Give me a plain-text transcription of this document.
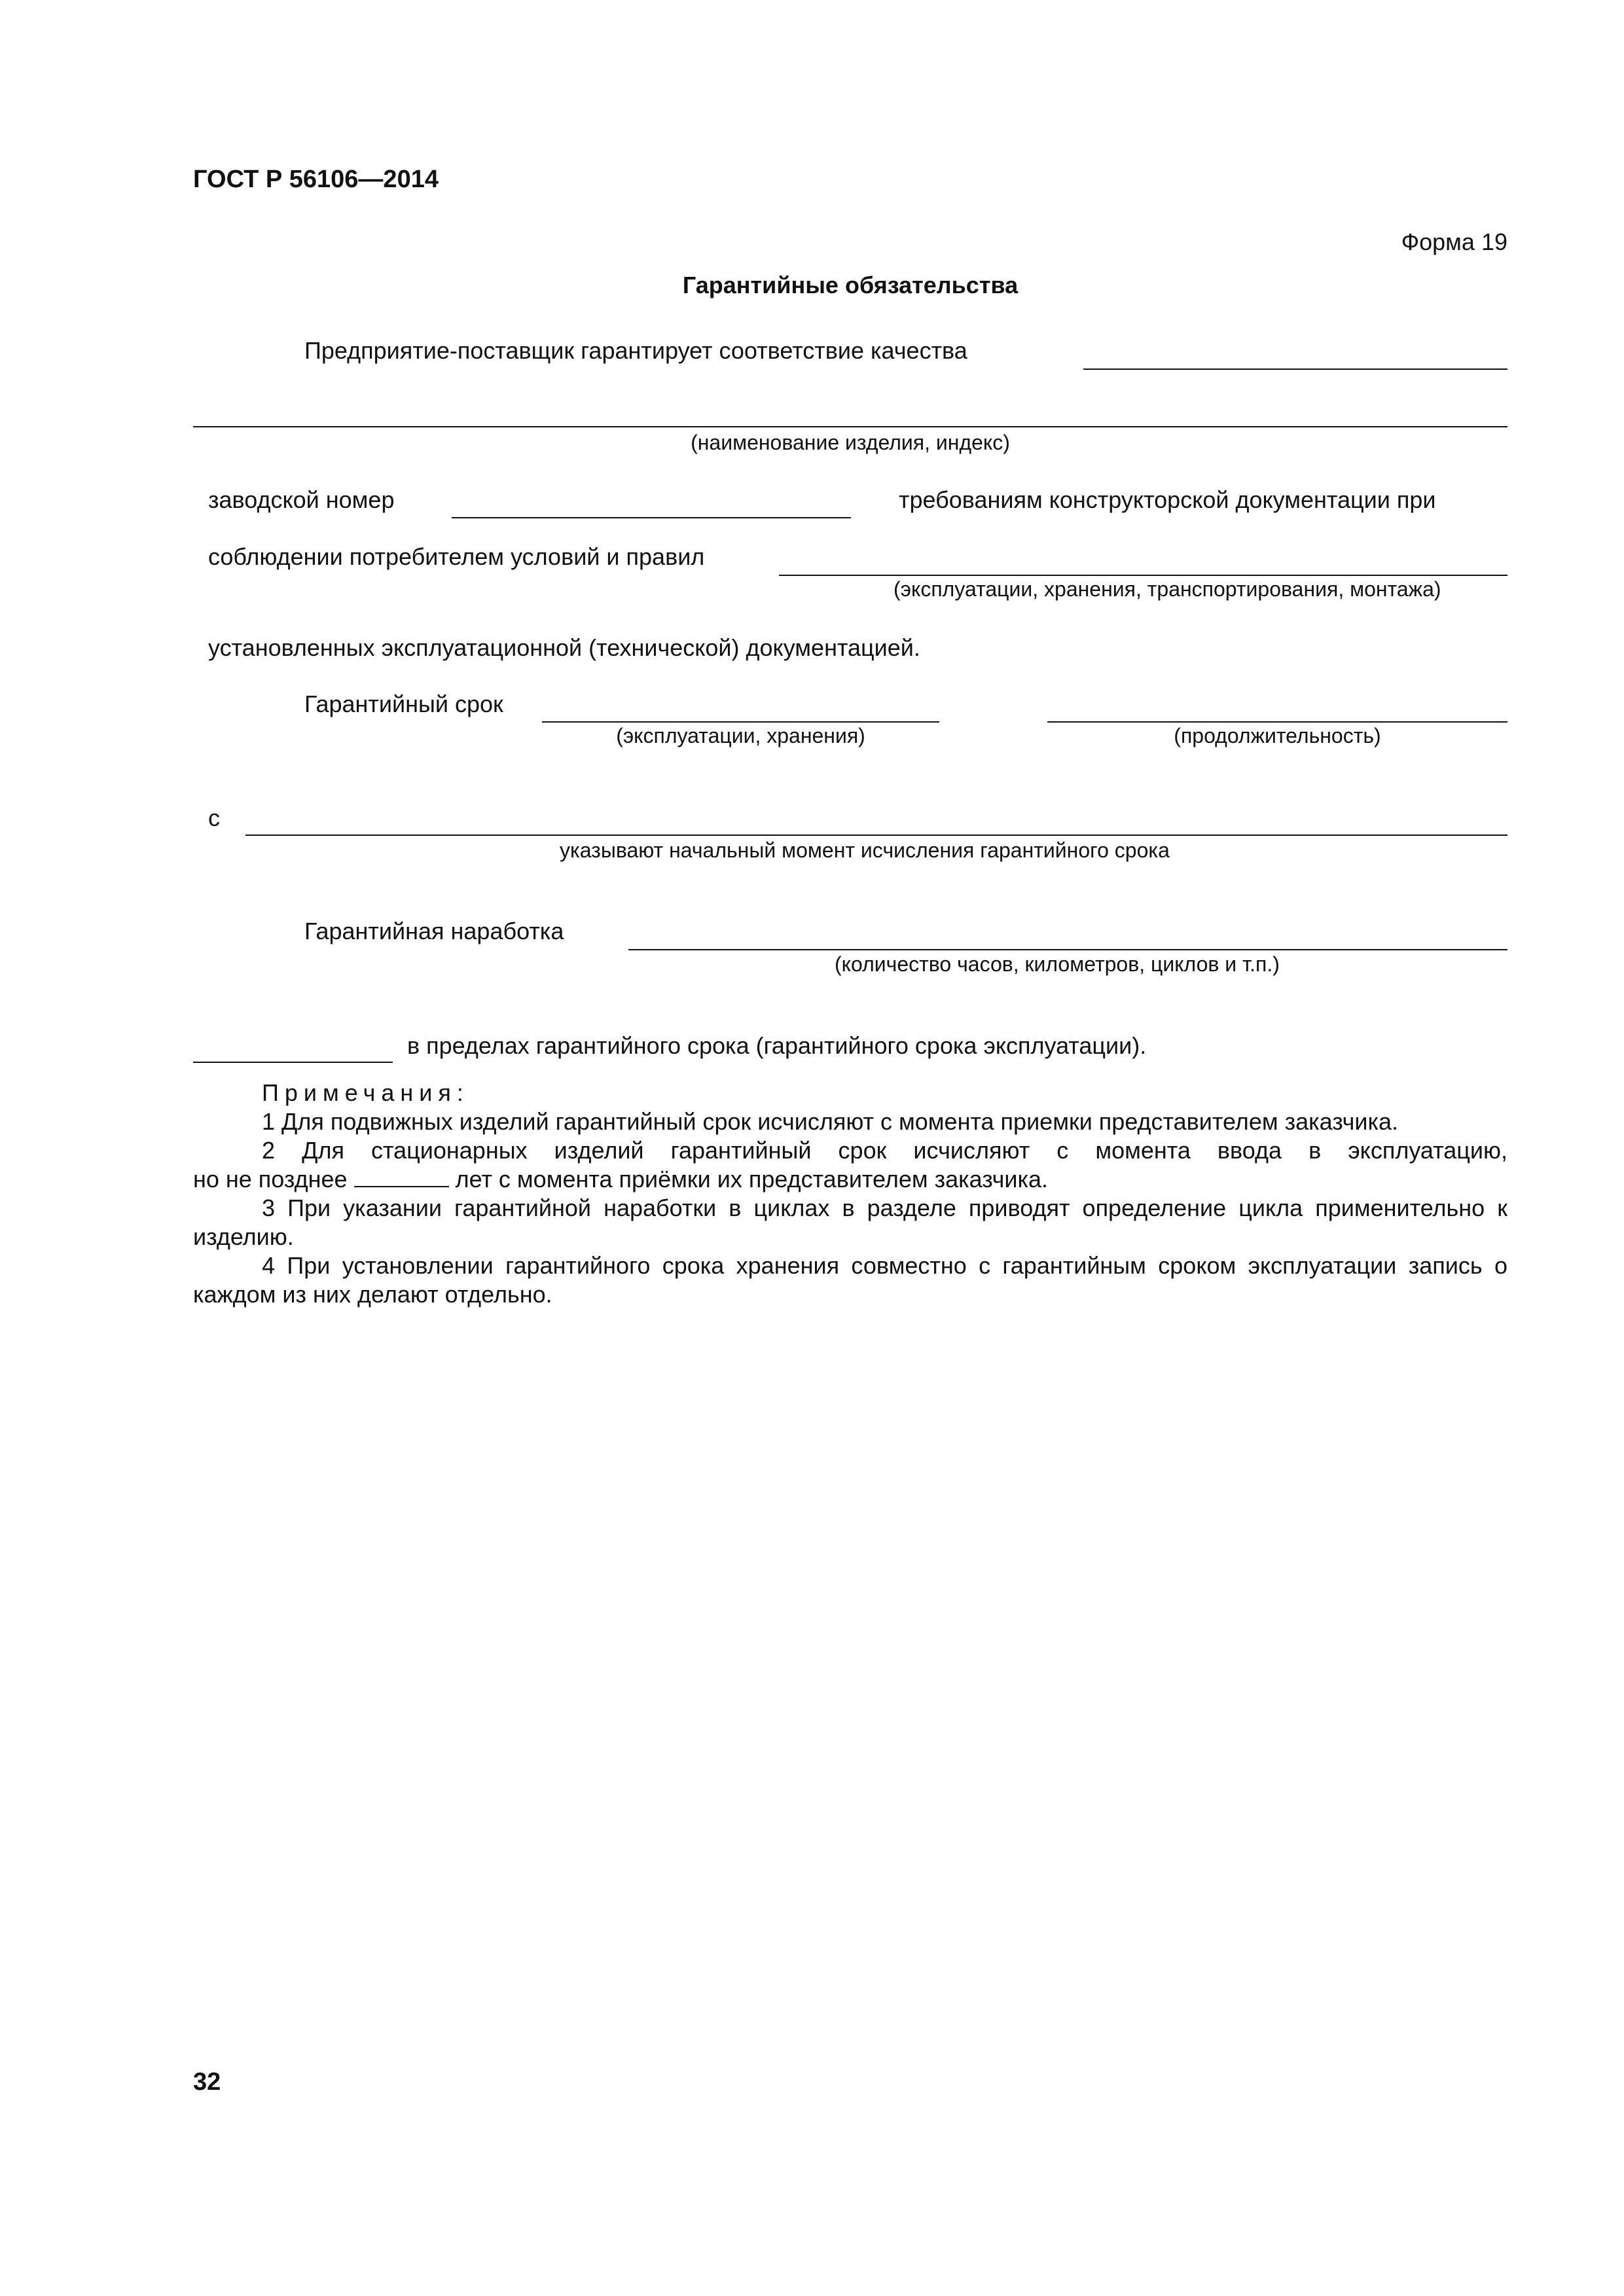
ГОСТ Р 56106—2014
Форма 19
Гарантийные обязательства
Предприятие-поставщик гарантирует соответствие качества
(наименование изделия, индекс)
заводской номер	требованиям конструкторской документации при
соблюдении потребителем условий и правил
(эксплуатации, хранения, транспортирования, монтажа)
установленных эксплуатационной (технической) документацией.
Гарантийный срок
(эксплуатации, хранения)	(продолжительность)
с
указывают начальный момент исчисления гарантийного срока
Гарантийная наработка
(количество часов, километров, циклов и т.п.)
в пределах гарантийного срока (гарантийного срока эксплуатации).

Примечания:

1 Для подвижных изделий гарантийный срок исчисляют с момента приемки представителем заказчика.

2 Для стационарных изделий гарантийный срок исчисляют с момента ввода в эксплуатацию,

но не позднее	лет с момента приёмки их представителем заказчика.

3 При указании гарантийной наработки в циклах в разделе приводят определение цикла применительно к изделию.

4 При установлении гарантийного срока хранения совместно с гарантийным сроком эксплуатации запись о каждом из них делают отдельно.

32
